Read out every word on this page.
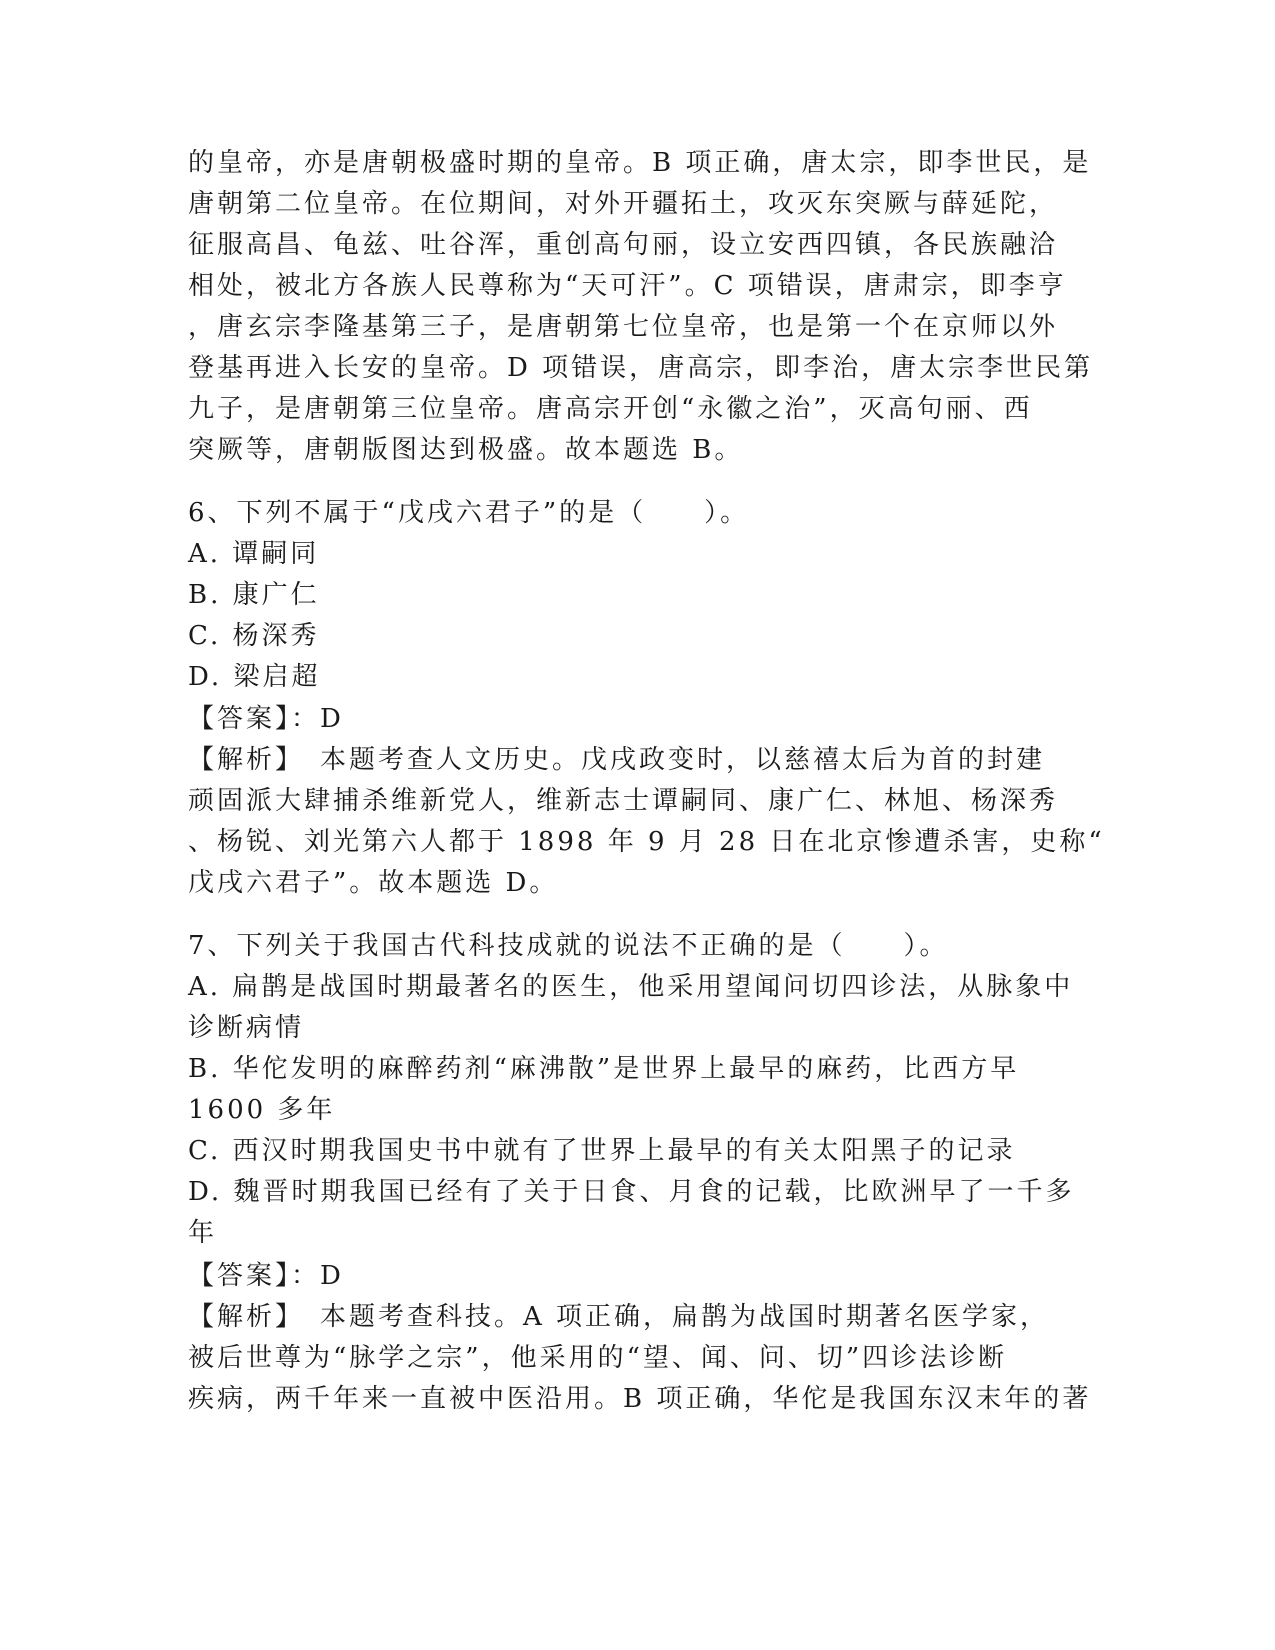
的皇帝，亦是唐朝极盛时期的皇帝。B 项正确，唐太宗，即李世民，是
唐朝第二位皇帝。在位期间，对外开疆拓土，攻灭东突厥与薛延陀，
征服高昌、龟兹、吐谷浑，重创高句丽，设立安西四镇，各民族融洽
相处，被北方各族人民尊称为“天可汗”。C 项错误，唐肃宗，即李亨
，唐玄宗李隆基第三子，是唐朝第七位皇帝，也是第一个在京师以外
登基再进入长安的皇帝。D 项错误，唐高宗，即李治，唐太宗李世民第
九子，是唐朝第三位皇帝。唐高宗开创“永徽之治”，灭高句丽、西
突厥等，唐朝版图达到极盛。故本题选 B。
6、下列不属于“戊戌六君子”的是（　　）。
A. 谭嗣同
B. 康广仁
C. 杨深秀
D. 梁启超
【答案】：D
【解析】　本题考查人文历史。戊戌政变时，以慈禧太后为首的封建
顽固派大肆捕杀维新党人，维新志士谭嗣同、康广仁、林旭、杨深秀
、杨锐、刘光第六人都于 1898 年 9 月 28 日在北京惨遭杀害，史称“
戊戌六君子”。故本题选 D。
7、下列关于我国古代科技成就的说法不正确的是（　　）。
A. 扁鹊是战国时期最著名的医生，他采用望闻问切四诊法，从脉象中
诊断病情
B. 华佗发明的麻醉药剂“麻沸散”是世界上最早的麻药，比西方早
1600 多年
C. 西汉时期我国史书中就有了世界上最早的有关太阳黑子的记录
D. 魏晋时期我国已经有了关于日食、月食的记载，比欧洲早了一千多
年
【答案】：D
【解析】　本题考查科技。A 项正确，扁鹊为战国时期著名医学家，
被后世尊为“脉学之宗”，他采用的“望、闻、问、切”四诊法诊断
疾病，两千年来一直被中医沿用。B 项正确，华佗是我国东汉末年的著
